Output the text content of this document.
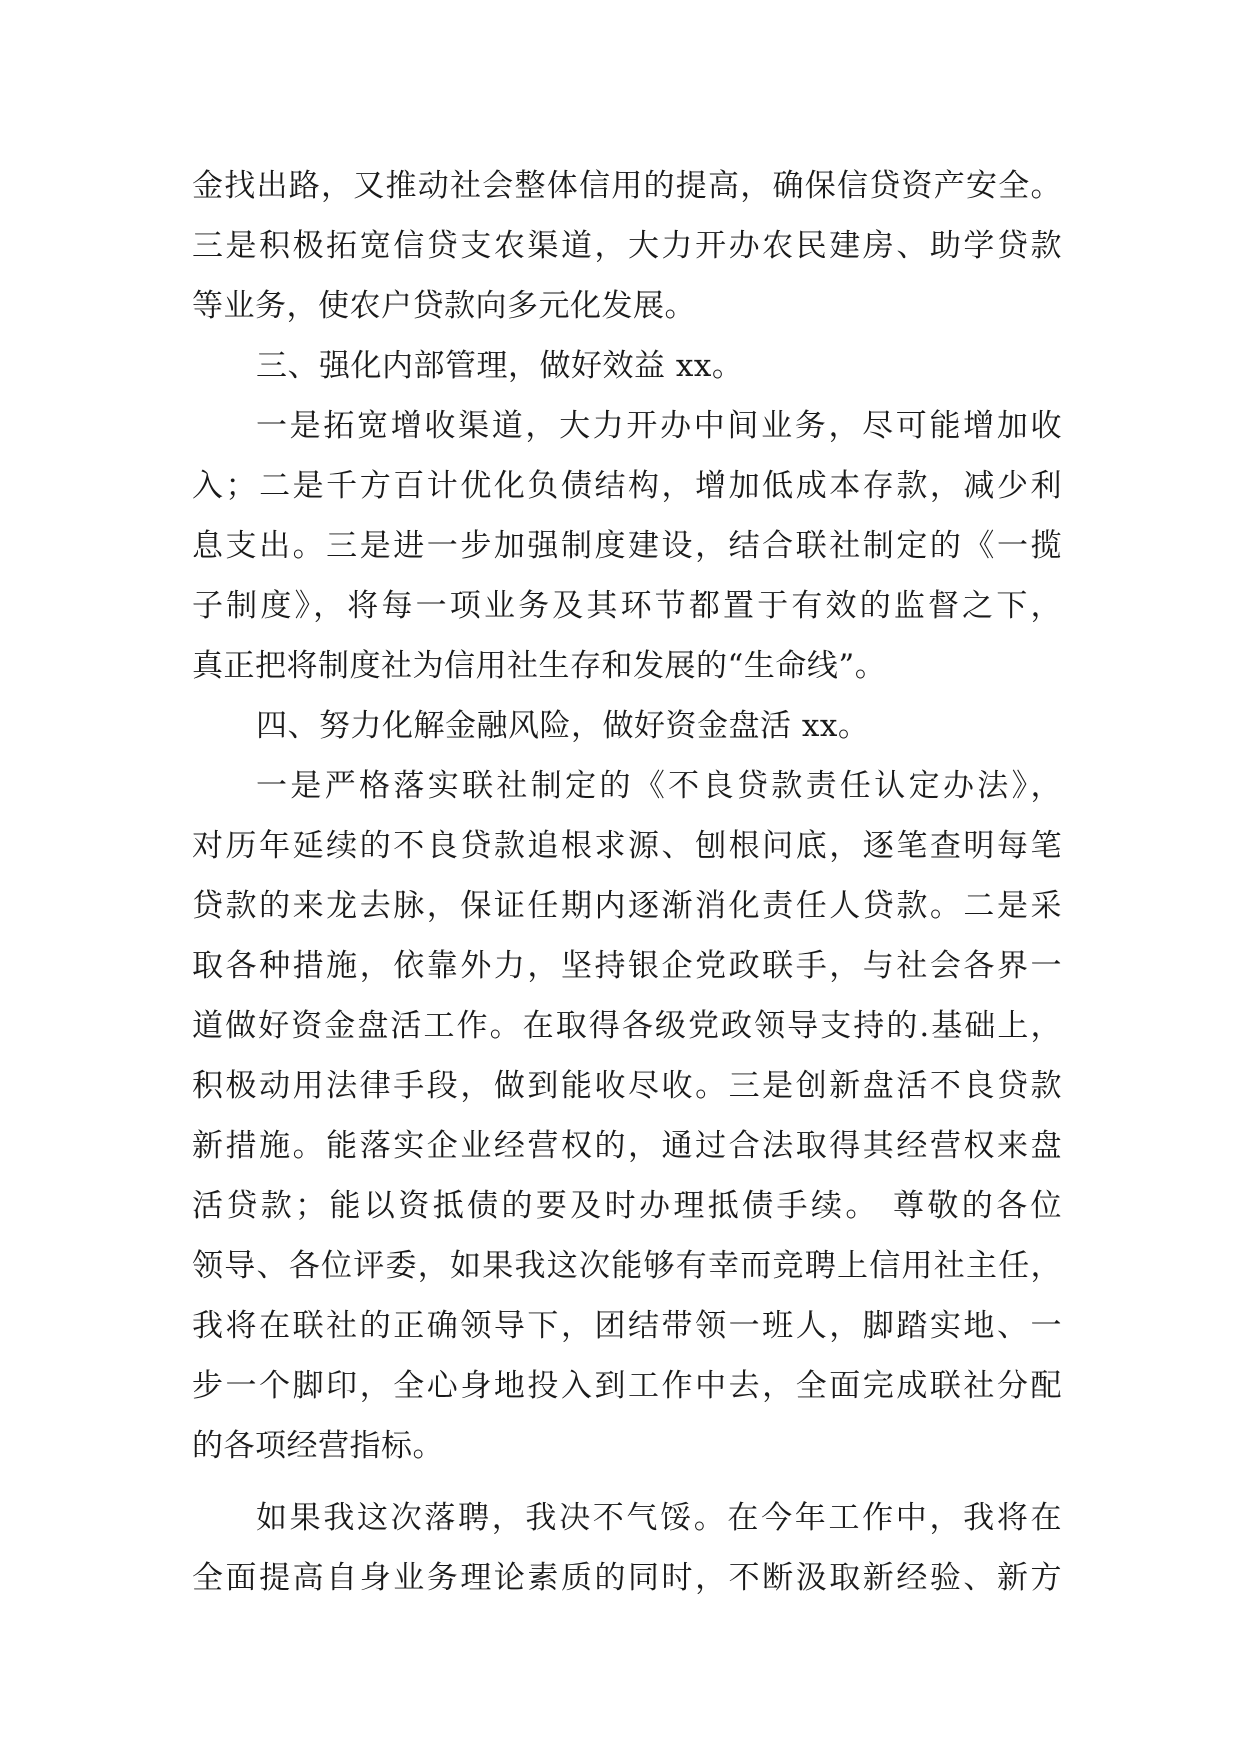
金找出路，又推动社会整体信用的提高，确保信贷资产安全。
三是积极拓宽信贷支农渠道，大力开办农民建房、助学贷款
等业务，使农户贷款向多元化发展。
三、强化内部管理，做好效益 xx。
一是拓宽增收渠道，大力开办中间业务，尽可能增加收
入；二是千方百计优化负债结构，增加低成本存款，减少利
息支出。三是进一步加强制度建设，结合联社制定的《一揽
子制度》，将每一项业务及其环节都置于有效的监督之下，
真正把将制度社为信用社生存和发展的“生命线”。
四、努力化解金融风险，做好资金盘活 xx。
一是严格落实联社制定的《不良贷款责任认定办法》，
对历年延续的不良贷款追根求源、刨根问底，逐笔查明每笔
贷款的来龙去脉，保证任期内逐渐消化责任人贷款。二是采
取各种措施，依靠外力，坚持银企党政联手，与社会各界一
道做好资金盘活工作。在取得各级党政领导支持的.基础上，
积极动用法律手段，做到能收尽收。三是创新盘活不良贷款
新措施。能落实企业经营权的，通过合法取得其经营权来盘
活贷款；能以资抵债的要及时办理抵债手续。 尊敬的各位
领导、各位评委，如果我这次能够有幸而竞聘上信用社主任，
我将在联社的正确领导下，团结带领一班人，脚踏实地、一
步一个脚印，全心身地投入到工作中去，全面完成联社分配
的各项经营指标。
如果我这次落聘，我决不气馁。在今年工作中，我将在
全面提高自身业务理论素质的同时，不断汲取新经验、新方
